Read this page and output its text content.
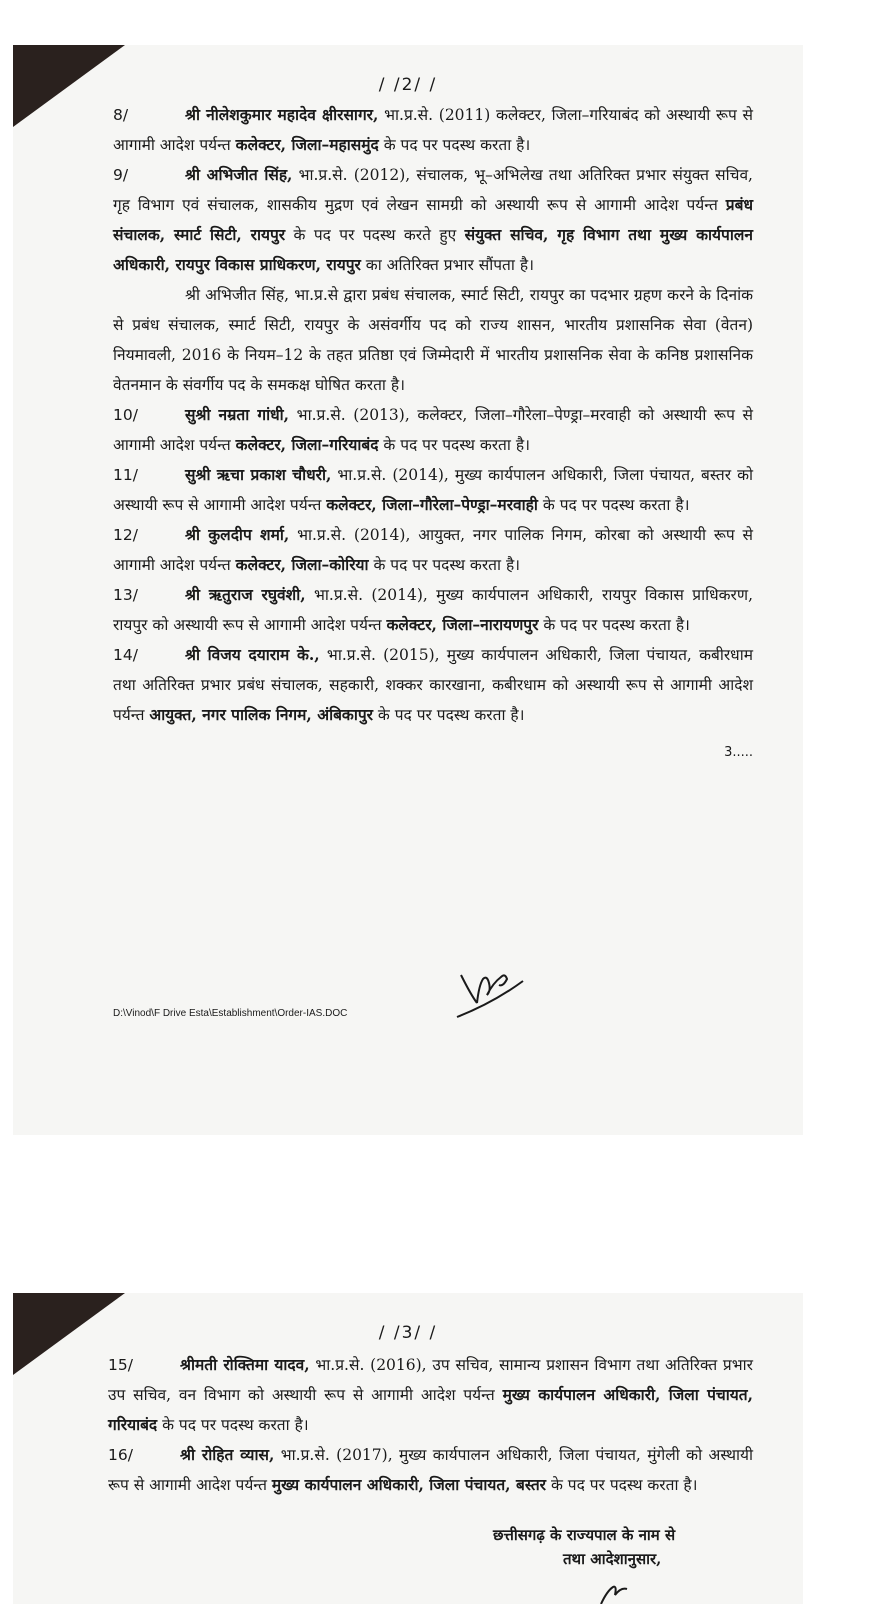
/ /2/ /

8/	श्री नीलेशकुमार महादेव क्षीरसागर, भा.प्र.से. (2011) कलेक्टर, जिला–गरियाबंद को अस्थायी रूप से आगामी आदेश पर्यन्त कलेक्टर, जिला–महासमुंद के पद पर पदस्थ करता है।

9/	श्री अभिजीत सिंह, भा.प्र.से. (2012), संचालक, भू–अभिलेख तथा अतिरिक्त प्रभार संयुक्त सचिव, गृह विभाग एवं संचालक, शासकीय मुद्रण एवं लेखन सामग्री को अस्थायी रूप से आगामी आदेश पर्यन्त प्रबंध संचालक, स्मार्ट सिटी, रायपुर के पद पर पदस्थ करते हुए संयुक्त सचिव, गृह विभाग तथा मुख्य कार्यपालन अधिकारी, रायपुर विकास प्राधिकरण, रायपुर का अतिरिक्त प्रभार सौंपता है।

श्री अभिजीत सिंह, भा.प्र.से द्वारा प्रबंध संचालक, स्मार्ट सिटी, रायपुर का पदभार ग्रहण करने के दिनांक से प्रबंध संचालक, स्मार्ट सिटी, रायपुर के असंवर्गीय पद को राज्य शासन, भारतीय प्रशासनिक सेवा (वेतन) नियमावली, 2016 के नियम–12 के तहत प्रतिष्ठा एवं जिम्मेदारी में भारतीय प्रशासनिक सेवा के कनिष्ठ प्रशासनिक वेतनमान के संवर्गीय पद के समकक्ष घोषित करता है।

10/	सुश्री नम्रता गांधी, भा.प्र.से. (2013), कलेक्टर, जिला–गौरेला–पेण्ड्रा–मरवाही को अस्थायी रूप से आगामी आदेश पर्यन्त कलेक्टर, जिला–गरियाबंद के पद पर पदस्थ करता है।

11/	सुश्री ऋचा प्रकाश चौधरी, भा.प्र.से. (2014), मुख्य कार्यपालन अधिकारी, जिला पंचायत, बस्तर को अस्थायी रूप से आगामी आदेश पर्यन्त कलेक्टर, जिला–गौरेला–पेण्ड्रा–मरवाही के पद पर पदस्थ करता है।

12/	श्री कुलदीप शर्मा, भा.प्र.से. (2014), आयुक्त, नगर पालिक निगम, कोरबा को अस्थायी रूप से आगामी आदेश पर्यन्त कलेक्टर, जिला–कोरिया के पद पर पदस्थ करता है।

13/	श्री ऋतुराज रघुवंशी, भा.प्र.से. (2014), मुख्य कार्यपालन अधिकारी, रायपुर विकास प्राधिकरण, रायपुर को अस्थायी रूप से आगामी आदेश पर्यन्त कलेक्टर, जिला–नारायणपुर के पद पर पदस्थ करता है।

14/	श्री विजय दयाराम के., भा.प्र.से. (2015), मुख्य कार्यपालन अधिकारी, जिला पंचायत, कबीरधाम तथा अतिरिक्त प्रभार प्रबंध संचालक, सहकारी, शक्कर कारखाना, कबीरधाम को अस्थायी रूप से आगामी आदेश पर्यन्त आयुक्त, नगर पालिक निगम, अंबिकापुर के पद पर पदस्थ करता है।

3.....
D:\Vinod\F Drive Esta\Establishment\Order-IAS.DOC
/ /3/ /

15/	श्रीमती रोक्तिमा यादव, भा.प्र.से. (2016), उप सचिव, सामान्य प्रशासन विभाग तथा अतिरिक्त प्रभार उप सचिव, वन विभाग को अस्थायी रूप से आगामी आदेश पर्यन्त मुख्य कार्यपालन अधिकारी, जिला पंचायत, गरियाबंद के पद पर पदस्थ करता है।

16/	श्री रोहित व्यास, भा.प्र.से. (2017), मुख्य कार्यपालन अधिकारी, जिला पंचायत, मुंगेली को अस्थायी रूप से आगामी आदेश पर्यन्त मुख्य कार्यपालन अधिकारी, जिला पंचायत, बस्तर के पद पर पदस्थ करता है।

छत्तीसगढ़ के राज्यपाल के नाम से
तथा आदेशानुसार,
